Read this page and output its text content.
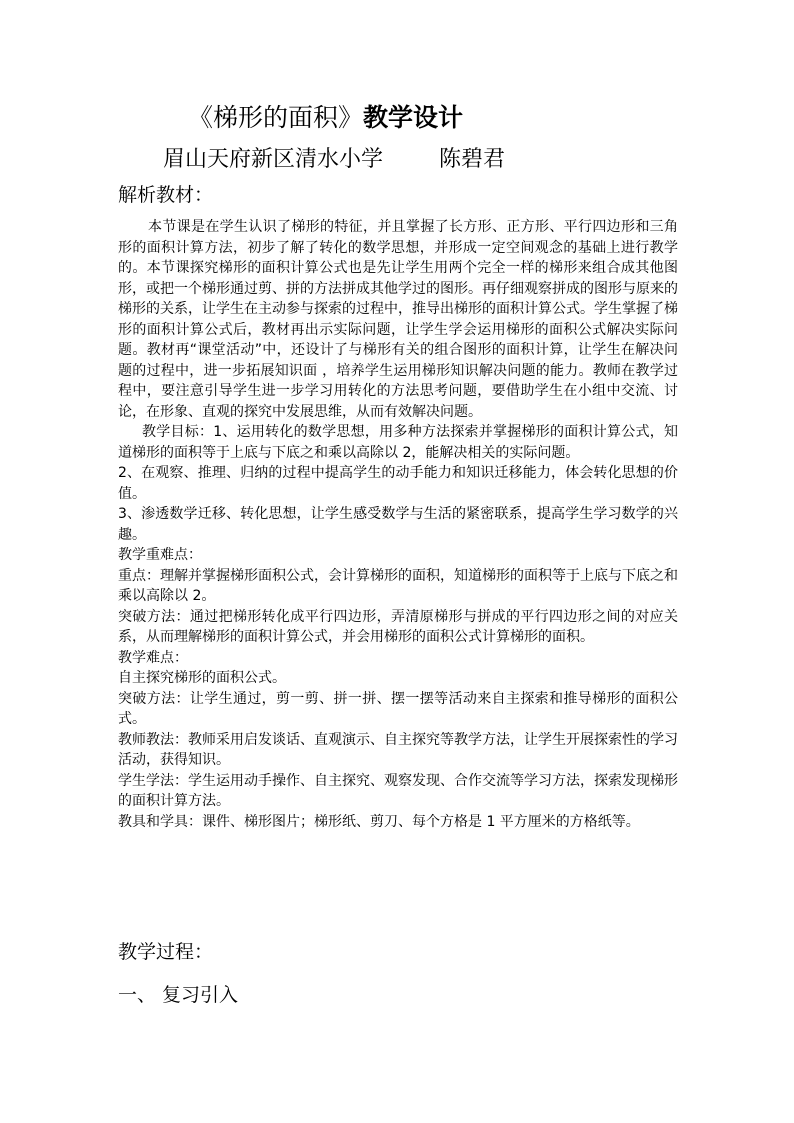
《梯形的面积》教学设计
眉山天府新区清水小学	陈碧君
解析教材：

本节课是在学生认识了梯形的特征，并且掌握了长方形、正方形、平行四边形和三角形的面积计算方法，初步了解了转化的数学思想，并形成一定空间观念的基础上进行教学的。本节课探究梯形的面积计算公式也是先让学生用两个完全一样的梯形来组合成其他图形，或把一个梯形通过剪、拼的方法拼成其他学过的图形。再仔细观察拼成的图形与原来的梯形的关系，让学生在主动参与探索的过程中，推导出梯形的面积计算公式。学生掌握了梯形的面积计算公式后，教材再出示实际问题，让学生学会运用梯形的面积公式解决实际问题。教材再“课堂活动”中，还设计了与梯形有关的组合图形的面积计算，让学生在解决问题的过程中，进一步拓展知识面 ，培养学生运用梯形知识解决问题的能力。教师在教学过程中，要注意引导学生进一步学习用转化的方法思考问题，要借助学生在小组中交流、讨论，在形象、直观的探究中发展思维，从而有效解决问题。

教学目标：1、运用转化的数学思想，用多种方法探索并掌握梯形的面积计算公式，知道梯形的面积等于上底与下底之和乘以高除以 2，能解决相关的实际问题。

2、在观察、推理、归纳的过程中提高学生的动手能力和知识迁移能力，体会转化思想的价值。

3、渗透数学迁移、转化思想，让学生感受数学与生活的紧密联系，提高学生学习数学的兴趣。

教学重难点：

重点：理解并掌握梯形面积公式，会计算梯形的面积，知道梯形的面积等于上底与下底之和乘以高除以 2。

突破方法：通过把梯形转化成平行四边形，弄清原梯形与拼成的平行四边形之间的对应关系，从而理解梯形的面积计算公式，并会用梯形的面积公式计算梯形的面积。

教学难点：

自主探究梯形的面积公式。

突破方法：让学生通过，剪一剪、拼一拼、摆一摆等活动来自主探索和推导梯形的面积公式。

教师教法：教师采用启发谈话、直观演示、自主探究等教学方法，让学生开展探索性的学习活动，获得知识。

学生学法：学生运用动手操作、自主探究、观察发现、合作交流等学习方法，探索发现梯形的面积计算方法。

教具和学具：课件、梯形图片；梯形纸、剪刀、每个方格是 1 平方厘米的方格纸等。

教学过程：
一、 复习引入
